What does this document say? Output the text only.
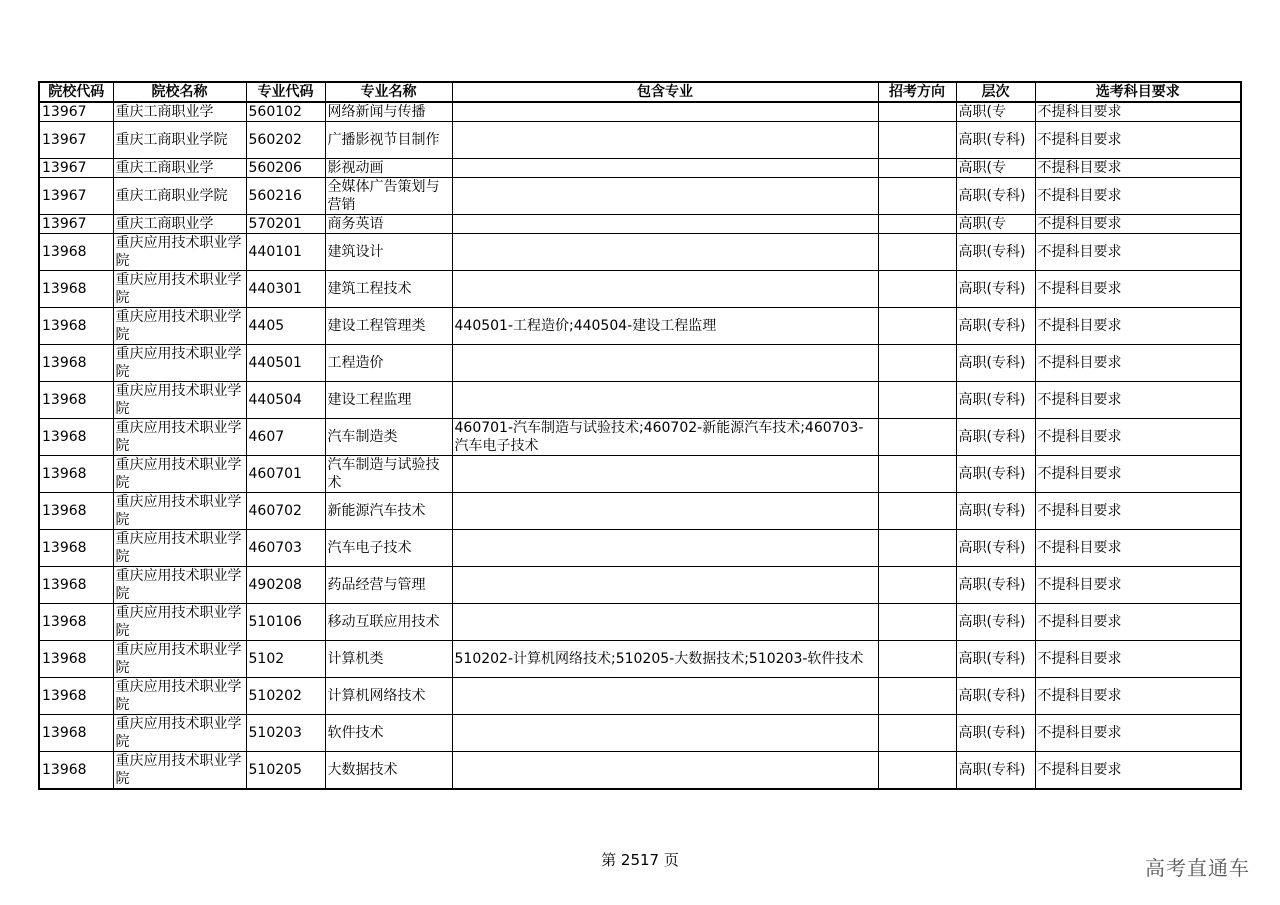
院校代码	院校名称	专业代码	专业名称	包含专业	招考方向	层次	选考科目要求
13967	重庆工商职业学	560102	网络新闻与传播			高职(专	不提科目要求
13967	重庆工商职业学院	560202	广播影视节目制作			高职(专科)	不提科目要求
13967	重庆工商职业学	560206	影视动画			高职(专	不提科目要求
13967	重庆工商职业学院	560216	全媒体广告策划与营销			高职(专科)	不提科目要求
13967	重庆工商职业学	570201	商务英语			高职(专	不提科目要求
13968	重庆应用技术职业学院	440101	建筑设计			高职(专科)	不提科目要求
13968	重庆应用技术职业学院	440301	建筑工程技术			高职(专科)	不提科目要求
13968	重庆应用技术职业学院	4405	建设工程管理类	440501-工程造价;440504-建设工程监理		高职(专科)	不提科目要求
13968	重庆应用技术职业学院	440501	工程造价			高职(专科)	不提科目要求
13968	重庆应用技术职业学院	440504	建设工程监理			高职(专科)	不提科目要求
13968	重庆应用技术职业学院	4607	汽车制造类	460701-汽车制造与试验技术;460702-新能源汽车技术;460703-汽车电子技术		高职(专科)	不提科目要求
13968	重庆应用技术职业学院	460701	汽车制造与试验技术			高职(专科)	不提科目要求
13968	重庆应用技术职业学院	460702	新能源汽车技术			高职(专科)	不提科目要求
13968	重庆应用技术职业学院	460703	汽车电子技术			高职(专科)	不提科目要求
13968	重庆应用技术职业学院	490208	药品经营与管理			高职(专科)	不提科目要求
13968	重庆应用技术职业学院	510106	移动互联应用技术			高职(专科)	不提科目要求
13968	重庆应用技术职业学院	5102	计算机类	510202-计算机网络技术;510205-大数据技术;510203-软件技术		高职(专科)	不提科目要求
13968	重庆应用技术职业学院	510202	计算机网络技术			高职(专科)	不提科目要求
13968	重庆应用技术职业学院	510203	软件技术			高职(专科)	不提科目要求
13968	重庆应用技术职业学院	510205	大数据技术			高职(专科)	不提科目要求
第 2517 页	高考直通车
